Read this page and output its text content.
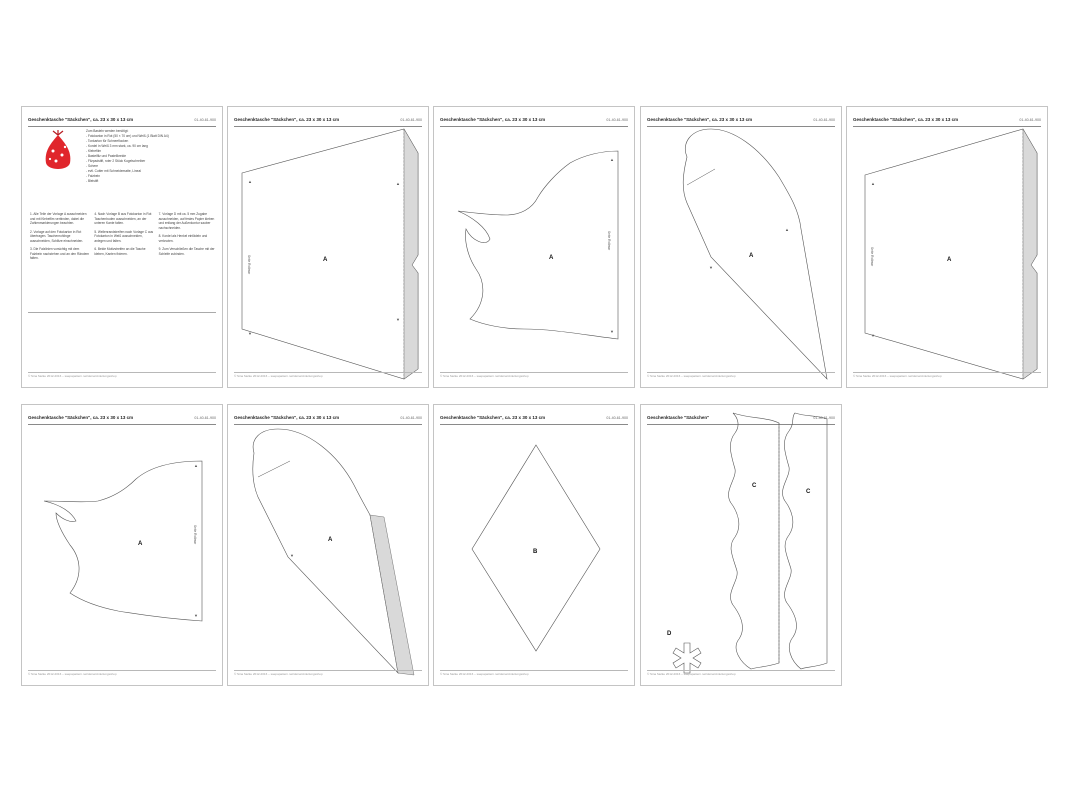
Geschenktasche "Säckchen", ca. 23 x 30 x 13 cm	01-40-61-900
Zum Basteln werden benötigt:
- Fotokarton in Rot (50 × 70 cm) und Weiß (1 Blatt DIN A4)
- Tonkarton für Schneeflocken
- Kordel in Weiß 3 mm stark, ca. 90 cm lang
- Klebefilm
- Bastelfilz und Pastellkreide
- Filzpadstift, roter 2 Stück Kugelschreiber
- Schere
- evtl. Cutter mit Schneidematte, Lineal
- Falzbein
- Bleistift

1. Alle Teile der Vorlage A ausschneiden und mit Klebefilm verbinden, dabei die Zahlenmarkierungen beachten.

2. Vorlage auf den Fotokarton in Rot übertragen. Taschenrohlinge ausschneiden, Schlitze einschneiden.

3. Die Falzlinien vorsichtig mit dem Falzbein nachziehen und an den Rändern falten.

4. Nach Vorlage B aus Fotokarton in Rot Taschenboden ausschneiden, an der unteren Kante falten.

5. Wellenrandstreifen nach Vorlage C aus Fotokarton in Weiß ausschneiden, anlegen und falten.

6. Beide Motivstreifen an die Tasche kleben, Kanten fixieren.

7. Vorlage D mit ca. 5 mm Zugabe ausschneiden, auf festes Papier kleben und entlang der Außenkontur sauber nachschneiden.

8. Kordel als Henkel einfädeln und verknoten.

9. Zum Verschließen die Tasche mit der Schleife zubinden.

© Sina Sielke 2012-2016 – saepapattern.net/deine/Anleitungsshop
Geschenktasche "Säckchen", ca. 23 x 30 x 13 cm	01-40-61-900
▲	▲
▼
▼
A
Seite Rollmar
© Sina Sielke 2012-2016 – saepapattern.net/deine/Anleitungsshop
Geschenktasche "Säckchen", ca. 23 x 30 x 13 cm	01-40-61-900
▲
▼
A
Seite Rollmar
© Sina Sielke 2012-2016 – saepapattern.net/deine/Anleitungsshop
Geschenktasche "Säckchen", ca. 23 x 30 x 13 cm	01-40-61-900
▲
▼
A
© Sina Sielke 2012-2016 – saepapattern.net/deine/Anleitungsshop
Geschenktasche "Säckchen", ca. 23 x 30 x 13 cm	01-40-61-900
▲
▼
A
Seite Rollmar
© Sina Sielke 2012-2016 – saepapattern.net/deine/Anleitungsshop
Geschenktasche "Säckchen", ca. 23 x 30 x 13 cm	01-40-61-900
▲
▼
A	Seite Rollmar
© Sina Sielke 2012-2016 – saepapattern.net/deine/Anleitungsshop
Geschenktasche "Säckchen", ca. 23 x 30 x 13 cm	01-40-61-900
▼
A
© Sina Sielke 2012-2016 – saepapattern.net/deine/Anleitungsshop
Geschenktasche "Säckchen", ca. 23 x 30 x 13 cm	01-40-61-900
B
© Sina Sielke 2012-2016 – saepapattern.net/deine/Anleitungsshop
Geschenktasche "Säckchen"	01-40-61-900
C
C
D
© Sina Sielke 2012-2016 – saepapattern.net/deine/Anleitungsshop
